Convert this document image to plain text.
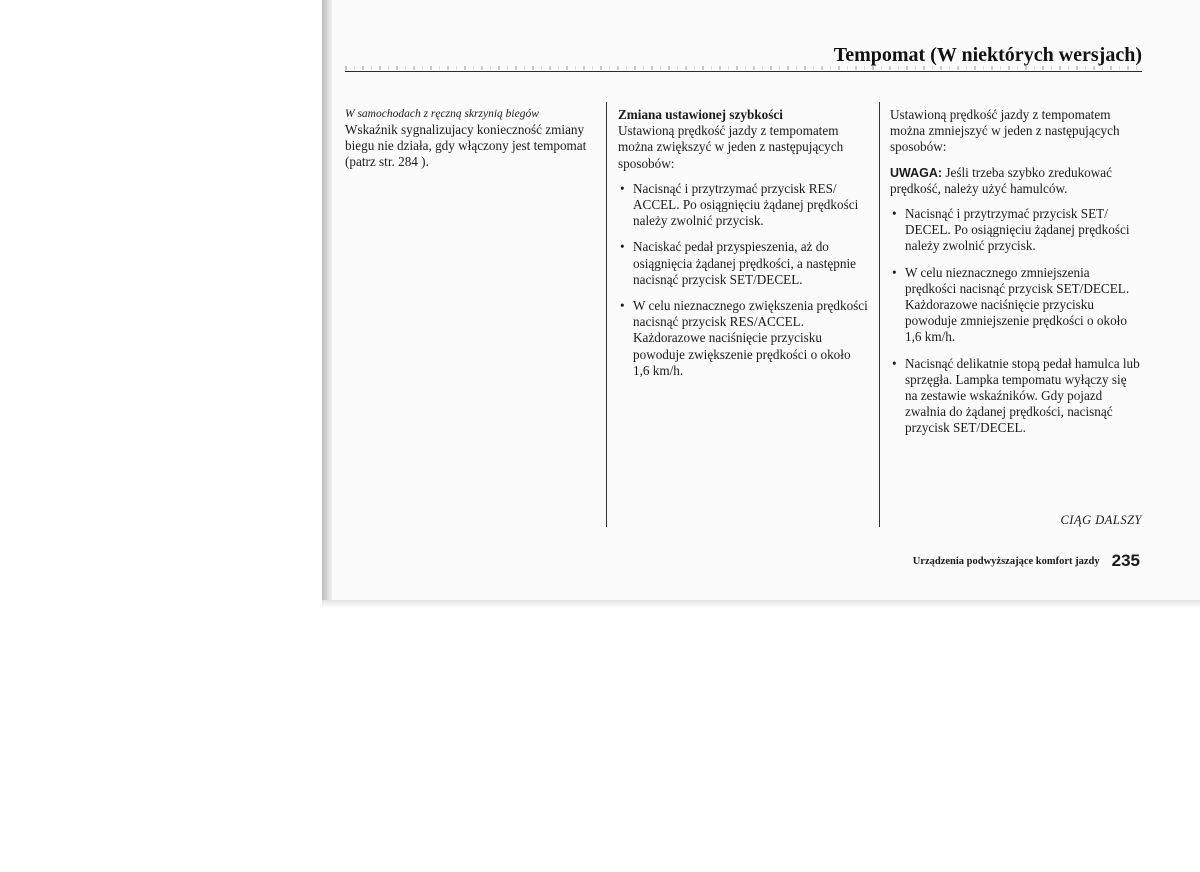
Tempomat (W niektórych wersjach)

W samochodach z ręczną skrzynią biegów

Wskaźnik sygnalizujacy konieczność zmiany biegu nie działa, gdy włączony jest tempomat (patrz str. 284 ).

Zmiana ustawionej szybkości

Ustawioną prędkość jazdy z tempomatem można zwiększyć w jeden z następujących sposobów:

• Nacisnąć i przytrzymać przycisk RES/ ACCEL. Po osiągnięciu żądanej prędkości należy zwolnić przycisk.
• Naciskać pedał przyspieszenia, aż do osiągnięcia żądanej prędkości, a następnie nacisnąć przycisk SET/DECEL.
• W celu nieznacznego zwiększenia prędkości nacisnąć przycisk RES/ACCEL. Każdorazowe naciśnięcie przycisku powoduje zwiększenie prędkości o około 1,6 km/h.

Ustawioną prędkość jazdy z tempomatem można zmniejszyć w jeden z następujących sposobów:

UWAGA: Jeśli trzeba szybko zredukować prędkość, należy użyć hamulców.

• Nacisnąć i przytrzymać przycisk SET/ DECEL. Po osiągnięciu żądanej prędkości należy zwolnić przycisk.
• W celu nieznacznego zmniejszenia prędkości nacisnąć przycisk SET/DECEL. Każdorazowe naciśnięcie przycisku powoduje zmniejszenie prędkości o około 1,6 km/h.
• Nacisnąć delikatnie stopą pedał hamulca lub sprzęgła. Lampka tempomatu wyłączy się na zestawie wskaźników. Gdy pojazd zwalnia do żądanej prędkości, nacisnąć przycisk SET/DECEL.
CIĄG DALSZY
Urządzenia podwyższające komfort jazdy 235
